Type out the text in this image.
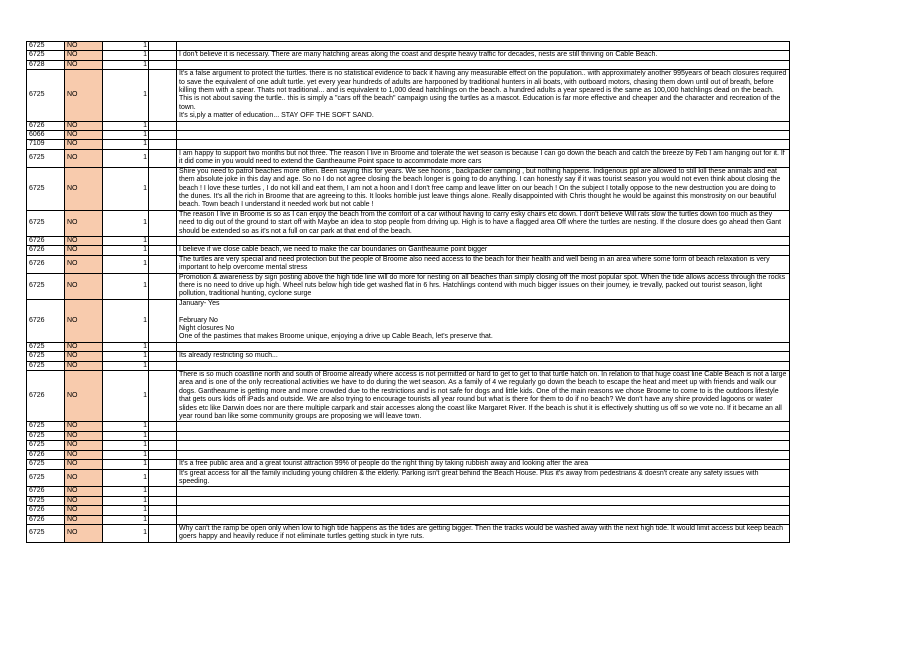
6725	NO	1		
6725	NO	1		I don't believe it is necessary. There are many hatching areas along the coast and despite heavy traffic for decades, nests are still thriving on Cable Beach.
6728	NO	1		
6725	NO	1		It's a false argument to protect the turtles. there is no statistical evidence to back it having any measurable effect on the population.. with approximately another 995years of beach closures required to save the equivalent of one adult turtle. yet every year hundreds of adults are harpooned by traditional hunters in ali boats, with outboard motors, chasing them down until out of breath, before killing them with a spear. Thats not traditional... and is equivalent to 1,000 dead hatchlings on the beach. a hundred adults a year speared is the same as 100,000 hatchlings dead on the beach. This is not about saving the turtle.. this is simply a "cars off the beach" campaign using the turtles as a mascot. Education is far more effective and cheaper and the character and recreation of the town.
It's si,ply a matter of education... STAY OFF THE SOFT SAND.
6726	NO	1		
6066	NO	1		
7109	NO	1		
6725	NO	1		I am happy to support two months but not three. The reason I live in Broome and tolerate the wet season is because I can go down the beach and catch the breeze by Feb I am hanging out for it. If it did come in you would need to extend the Gantheaume Point space to accommodate more cars
6725	NO	1		Shire you need to patrol beaches more often. Been saying this for years. We see hoons , backpacker camping , but nothing happens. Indigenous ppl are allowed to still kill these animals and eat them absolute joke in this day and age. So no I do not agree closing the beach longer is going to do anything. I can honestly say if it was tourist season you would not even think about closing the beach ! I love these turtles , I do not kill and eat them, I am not a hoon and I don't free camp and leave litter on our beach ! On the subject I totally oppose to the new destruction you are doing to the dunes. It's all the rich in Broome that are agreeing to this. It looks horrible just leave things alone. Really disappointed with Chris thought he would be against this monstrosity on our beautiful beach. Town beach I understand it needed work but not cable !
6725	NO	1		The reason I live in Broome is so as I can enjoy the beach from the comfort of a car without having to carry esky chairs etc down. I don't believe Will rats slow the turtles down too much as they need to dig out of the ground to start off with Maybe an idea to stop people from driving up. High is to have a flagged area Off where the turtles are nesting. If the closure does go ahead then Gant should be extended so as it's not a full on car park at that end of the beach.
6726	NO	1		
6726	NO	1		I believe if we close cable beach, we need to make the car boundaries on Gantheaume point bigger
6726	NO	1		The turtles are very special and need protection but the people of Broome also need access to the beach for their health and well being in an area where some form of beach relaxation is very important to help overcome mental stress
6725	NO	1		Promotion & awareness by sign posting above the high tide line will do more for nesting on all beaches than simply closing off the most popular spot. When the tide allows access through the rocks there is no need to drive up high. Wheel ruts below high tide get washed flat in 6 hrs. Hatchlings contend with much bigger issues on their journey, ie trevally, packed out tourist season, light pollution, traditional hunting, cyclone surge
6726	NO	1		January- Yes

February No
Night closures No
One of the pastimes that makes Broome unique, enjoying a drive up Cable Beach, let's preserve that.
6725	NO	1		
6725	NO	1		Its already restricting so much...
6725	NO	1		
6726	NO	1		There is so much coastline north and south of Broome already where access is not permitted or hard to get to get to that turtle hatch on. In relation to that huge coast line Cable Beach is not a large area and is one of the only recreational activities we have to do during the wet season. As a family of 4 we regularly go down the beach to escape the heat and meet up with friends and walk our dogs. Gantheaume is getting more and more crowded due to the restrictions and is not safe for dogs and little kids. One of the main reasons we chose Broome to come to is the outdoors lifestyle that gets ours kids off iPads and outside. We are also trying to encourage tourists all year round but what is there for them to do if no beach? We don't have any shire provided lagoons or water slides etc like Darwin does nor are there multiple carpark and stair accesses along the coast like Margaret River. If the beach is shut it is effectively shutting us off so we vote no. If it became an all year round ban like some community groups are proposing we will leave town.
6725	NO	1		
6725	NO	1		
6725	NO	1		
6726	NO	1		
6725	NO	1		It's a free public area and a great tourist attraction 99% of people do the right thing by taking rubbish away and looking after the area
6725	NO	1		It's great access for all the family including young children & the elderly. Parking isn't great behind the Beach House. Plus it's away from pedestrians & doesn't create any safety issues with speeding.
6726	NO	1		
6725	NO	1		
6726	NO	1		
6726	NO	1		
6725	NO	1		Why can't the ramp be open only when low to high tide happens as the tides are getting bigger. Then the tracks would be washed away with the next high tide. It would limit access but keep beach goers happy and heavily reduce if not eliminate turtles getting stuck in tyre ruts.
